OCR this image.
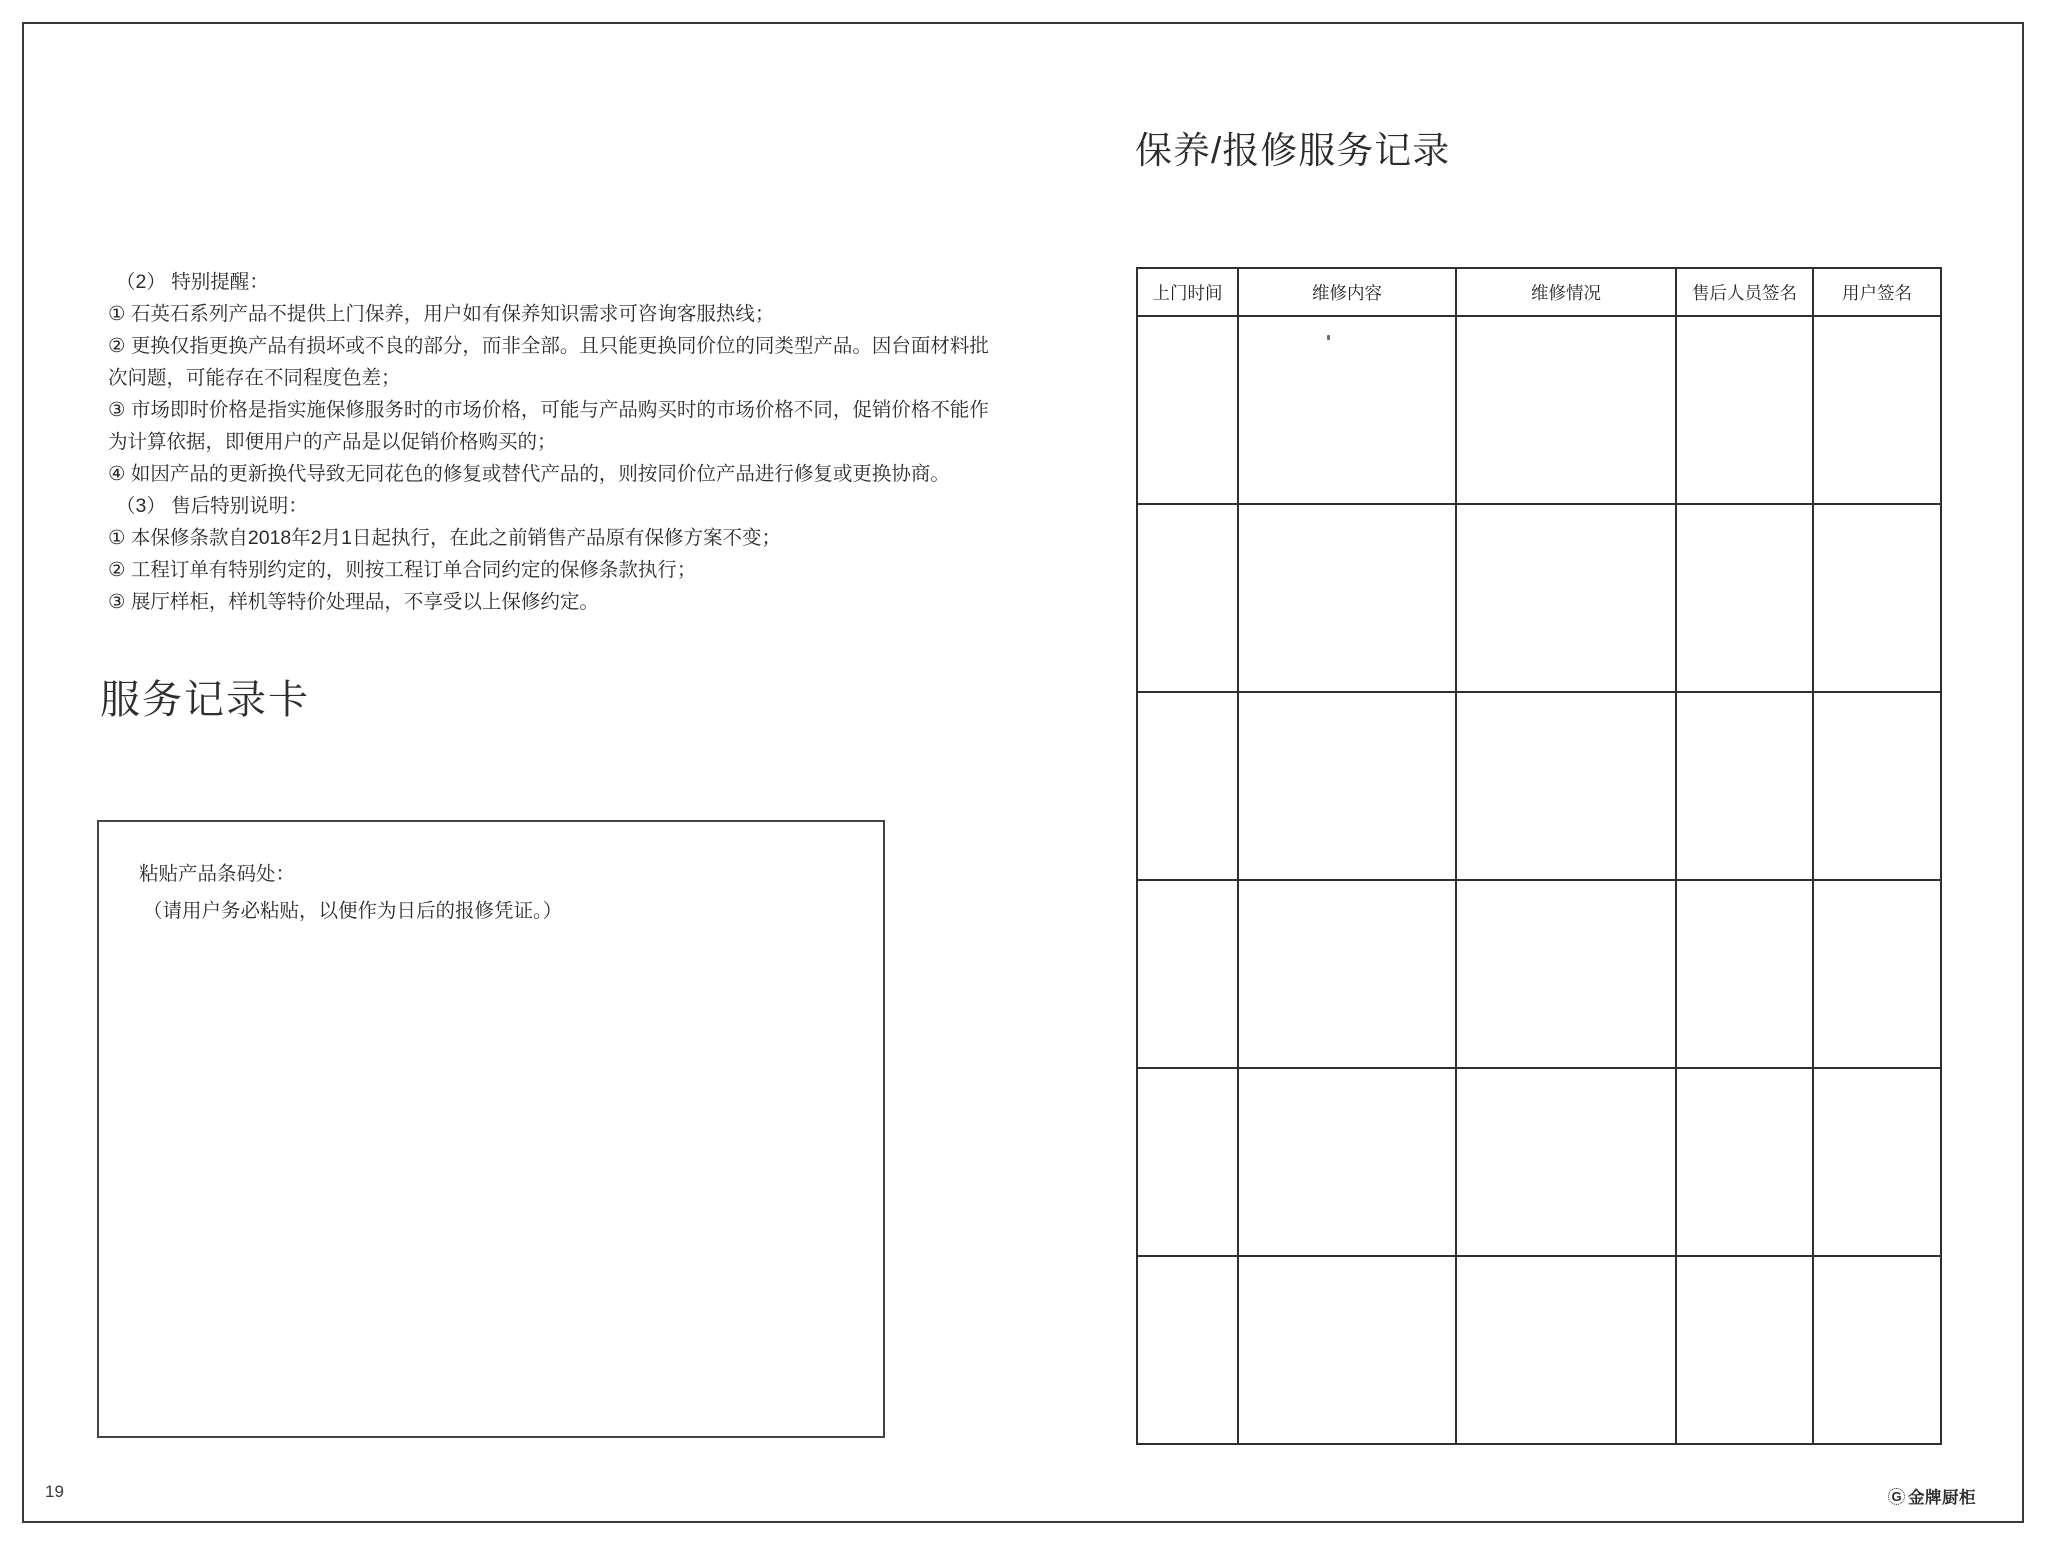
（2） 特别提醒：
① 石英石系列产品不提供上门保养，用户如有保养知识需求可咨询客服热线；
② 更换仅指更换产品有损坏或不良的部分，而非全部。且只能更换同价位的同类型产品。因台面材料批
次问题，可能存在不同程度色差；
③ 市场即时价格是指实施保修服务时的市场价格，可能与产品购买时的市场价格不同，促销价格不能作
为计算依据，即便用户的产品是以促销价格购买的；
④ 如因产品的更新换代导致无同花色的修复或替代产品的，则按同价位产品进行修复或更换协商。
（3） 售后特别说明：
① 本保修条款自2018年2月1日起执行，在此之前销售产品原有保修方案不变；
② 工程订单有特别约定的，则按工程订单合同约定的保修条款执行；
③ 展厅样柜，样机等特价处理品，不享受以上保修约定。
服务记录卡
粘贴产品条码处：
（请用户务必粘贴，以便作为日后的报修凭证。）
保养/报修服务记录
上门时间	维修内容	维修情况	售后人员签名	用户签名

19	G 金牌厨柜
